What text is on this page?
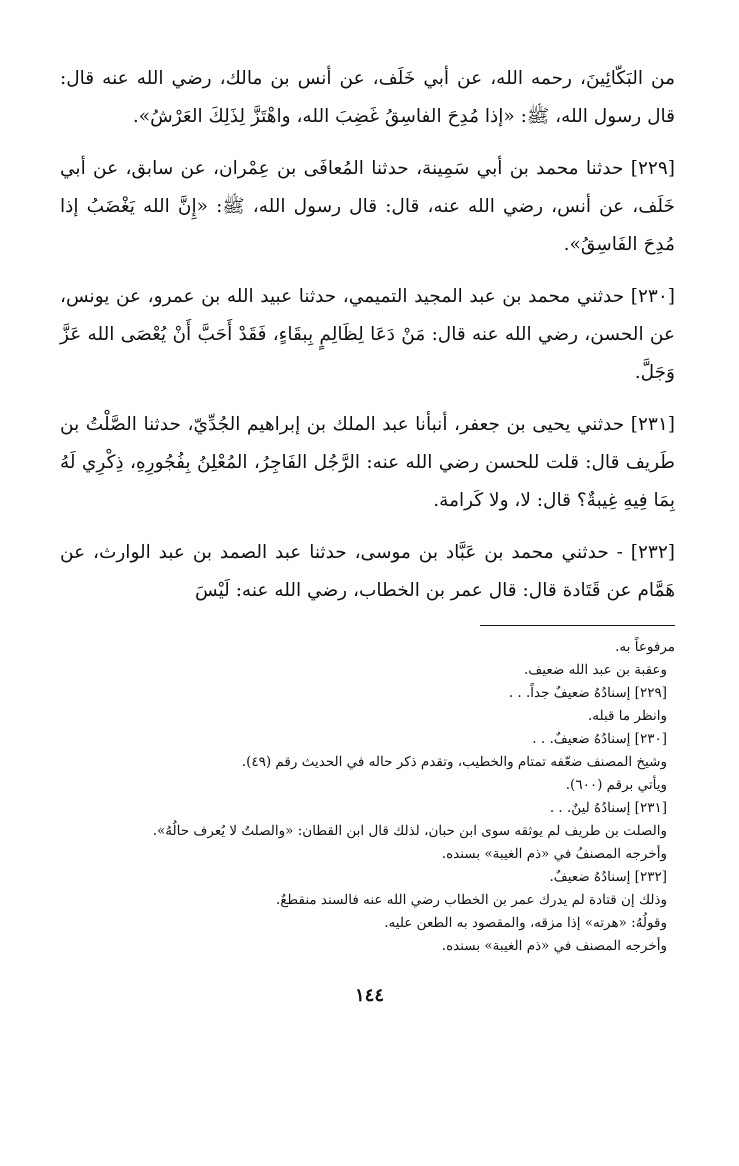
من البَكّائِينَ، رحمه الله، عن أبي خَلَف، عن أنس بن مالك، رضي الله عنه قال: قال رسول الله، ﷺ: «إذا مُدِحَ الفاسِقُ غَضِبَ الله، واهْتَزَّ لِذَلِكَ العَرْشُ».

[٢٢٩] حدثنا محمد بن أبي سَمِينة، حدثنا المُعافَى بن عِمْران، عن سابق، عن أبي خَلَف، عن أنس، رضي الله عنه، قال: قال رسول الله، ﷺ: «إِنَّ الله يَغْضَبُ إذا مُدِحَ الفَاسِقُ».

[٢٣٠] حدثني محمد بن عبد المجيد التميمي، حدثنا عبيد الله بن عمرو، عن يونس، عن الحسن، رضي الله عنه قال: مَنْ دَعَا لِظَالِمٍ بِبقَاءٍ، فَقَدْ أَحَبَّ أَنْ يُعْصَى الله عَزَّ وَجَلَّ.

[٢٣١] حدثني يحيى بن جعفر، أنبأنا عبد الملك بن إبراهيم الجُدِّيّ، حدثنا الصَّلْتُ بن طَريف قال: قلت للحسن رضي الله عنه: الرَّجُل الفَاجِرُ، المُعْلِنُ بِفُجُورِهِ، ذِكْرِي لَهُ بِمَا فِيهِ غِيبةٌ؟ قال: لا، ولا كَرامة.

[٢٣٢] - حدثني محمد بن عَبَّاد بن موسى، حدثنا عبد الصمد بن عبد الوارث، عن هَمَّام عن قَتَادة قال: قال عمر بن الخطاب، رضي الله عنه: لَيْسَ

مرفوعاً به.
وعقبة بن عبد الله ضعيف.
[٢٢٩] إسنادُهُ ضعيفٌ جداً. . .
وانظر ما قبله.
[٢٣٠] إسنادُهُ ضعيفٌ. . .
وشيخ المصنف ضعّفه تمتام والخطيب، وتقدم ذكر حاله في الحديث رقم (٤٩).
ويأتي برقم (٦٠٠).
[٢٣١] إسنادُهُ لينٌ. . .
والصلت بن طريف لم يوثقه سوى ابن حبان، لذلك قال ابن القطان: «والصلتُ لا يُعرف حالُهُ».
وأخرجه المصنفُ في «ذم الغيبة» بسنده.
[٢٣٢] إسنادُهُ ضعيفٌ.
وذلك إن قتادة لم يدرك عمر بن الخطاب رضي الله عنه فالسند منقطعٌ.
وقولُهُ: «هرته» إذا مزقه، والمقصود به الطعن عليه.
وأخرجه المصنف في «ذم الغيبة» بسنده.
١٤٤
